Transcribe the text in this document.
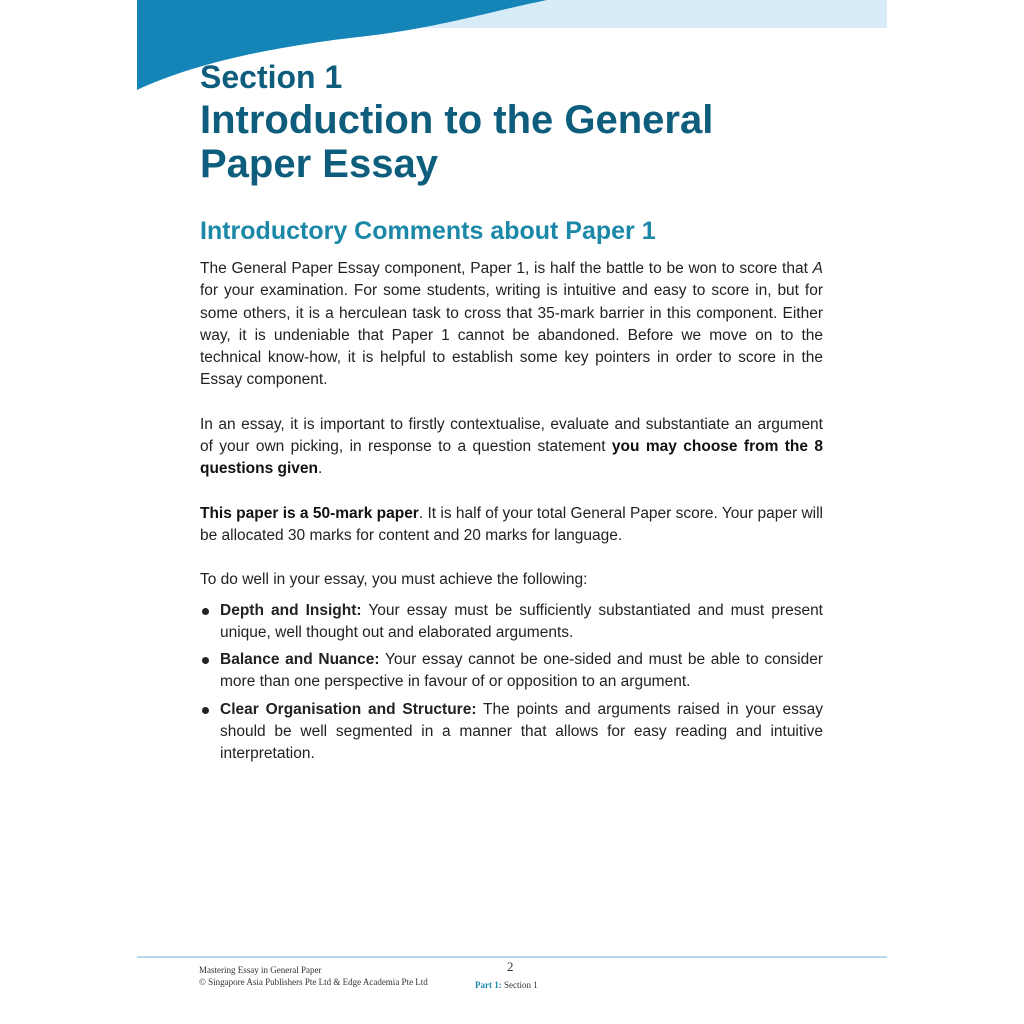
Section 1
Introduction to the General Paper Essay
Introductory Comments about Paper 1

The General Paper Essay component, Paper 1, is half the battle to be won to score that A for your examination. For some students, writing is intuitive and easy to score in, but for some others, it is a herculean task to cross that 35-mark barrier in this component. Either way, it is undeniable that Paper 1 cannot be abandoned. Before we move on to the technical know-how, it is helpful to establish some key pointers in order to score in the Essay component.

In an essay, it is important to firstly contextualise, evaluate and substantiate an argument of your own picking, in response to a question statement you may choose from the 8 questions given.

This paper is a 50-mark paper. It is half of your total General Paper score. Your paper will be allocated 30 marks for content and 20 marks for language.

To do well in your essay, you must achieve the following:

Depth and Insight: Your essay must be sufficiently substantiated and must present unique, well thought out and elaborated arguments.
Balance and Nuance: Your essay cannot be one-sided and must be able to consider more than one perspective in favour of or opposition to an argument.
Clear Organisation and Structure: The points and arguments raised in your essay should be well segmented in a manner that allows for easy reading and intuitive interpretation.
Mastering Essay in General Paper
© Singapore Asia Publishers Pte Ltd & Edge Academia Pte Ltd
2
Part 1: Section 1
